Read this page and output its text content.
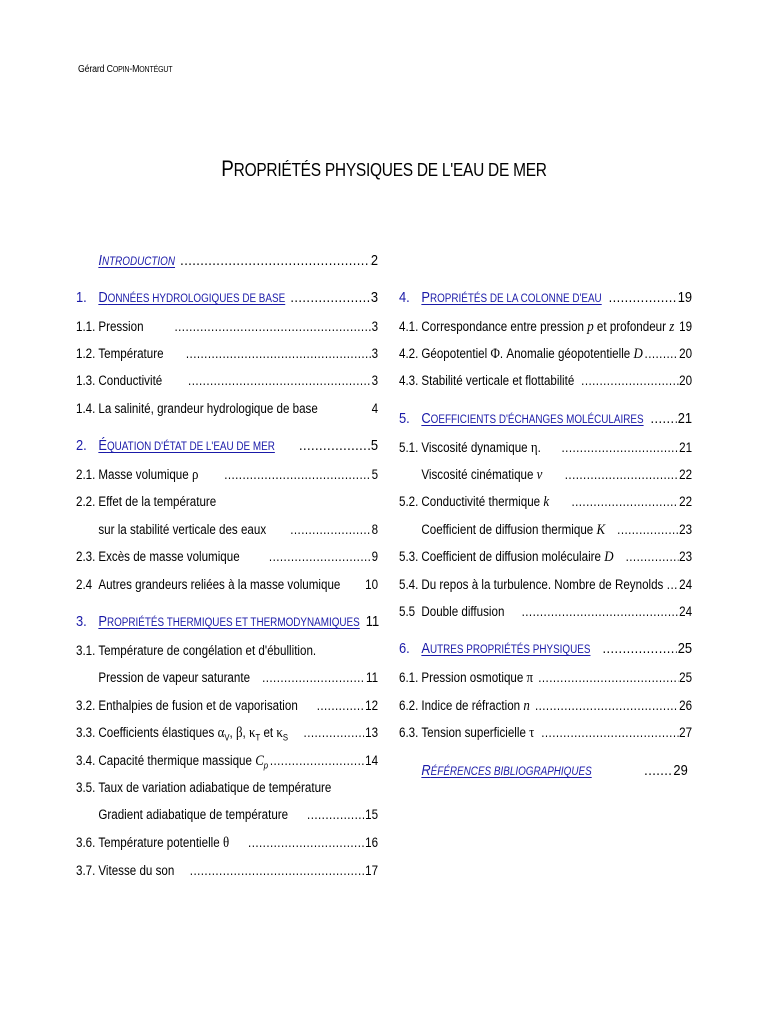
Gérard COPIN-MONTÉGUT
PROPRIÉTÉS PHYSIQUES DE L'EAU DE MER
INTRODUCTION .....	2
1. DONNÉES HYDROLOGIQUES DE BASE .....	3
1.1. Pression .....	3
1.2. Température .....	3
1.3. Conductivité .....	3
1.4. La salinité, grandeur hydrologique de base	4
2. ÉQUATION D'ÉTAT DE L'EAU DE MER .....	5
2.1. Masse volumique ρ .....	5
2.2. Effet de la température
sur la stabilité verticale des eaux .....	8
2.3. Excès de masse volumique .....	9
2.4 Autres grandeurs reliées à la masse volumique 10
3. PROPRIÉTÉS THERMIQUES ET THERMODYNAMIQUES 11
3.1. Température de congélation et d'ébullition.
Pression de vapeur saturante .....	11
3.2. Enthalpies de fusion et de vaporisation .....	12
3.3. Coefficients élastiques $\alpha_V$, β, $\kappa_T$ et $\kappa_S$ .....	13
3.4. Capacité thermique massique $C_p$ .....	14
3.5. Taux de variation adiabatique de température
Gradient adiabatique de température .....	15
3.6. Température potentielle θ .....	16
3.7. Vitesse du son .....	17
4. PROPRIÉTÉS DE LA COLONNE D'EAU .....	19
4.1. Correspondance entre pression p et profondeur z ..... 19
4.2. Géopotentiel Φ. Anomalie géopotentielle D .....	20
4.3. Stabilité verticale et flottabilité .....	20
5. COEFFICIENTS D'ÉCHANGES MOLÉCULAIRES ..... 21
5.1. Viscosité dynamique η. .....	21
Viscosité cinématique ν .....	22
5.2. Conductivité thermique k .....	22
Coefficient de diffusion thermique K .....	23
5.3. Coefficient de diffusion moléculaire D .....	23
5.4. Du repos à la turbulence. Nombre de Reynolds ..... 24
5.5 Double diffusion .....	24
6. AUTRES PROPRIÉTÉS PHYSIQUES .....	25
6.1. Pression osmotique π .....	25
6.2. Indice de réfraction n .....	26
6.3. Tension superficielle τ .....	27
RÉFÉRENCES BIBLIOGRAPHIQUES .....	29
